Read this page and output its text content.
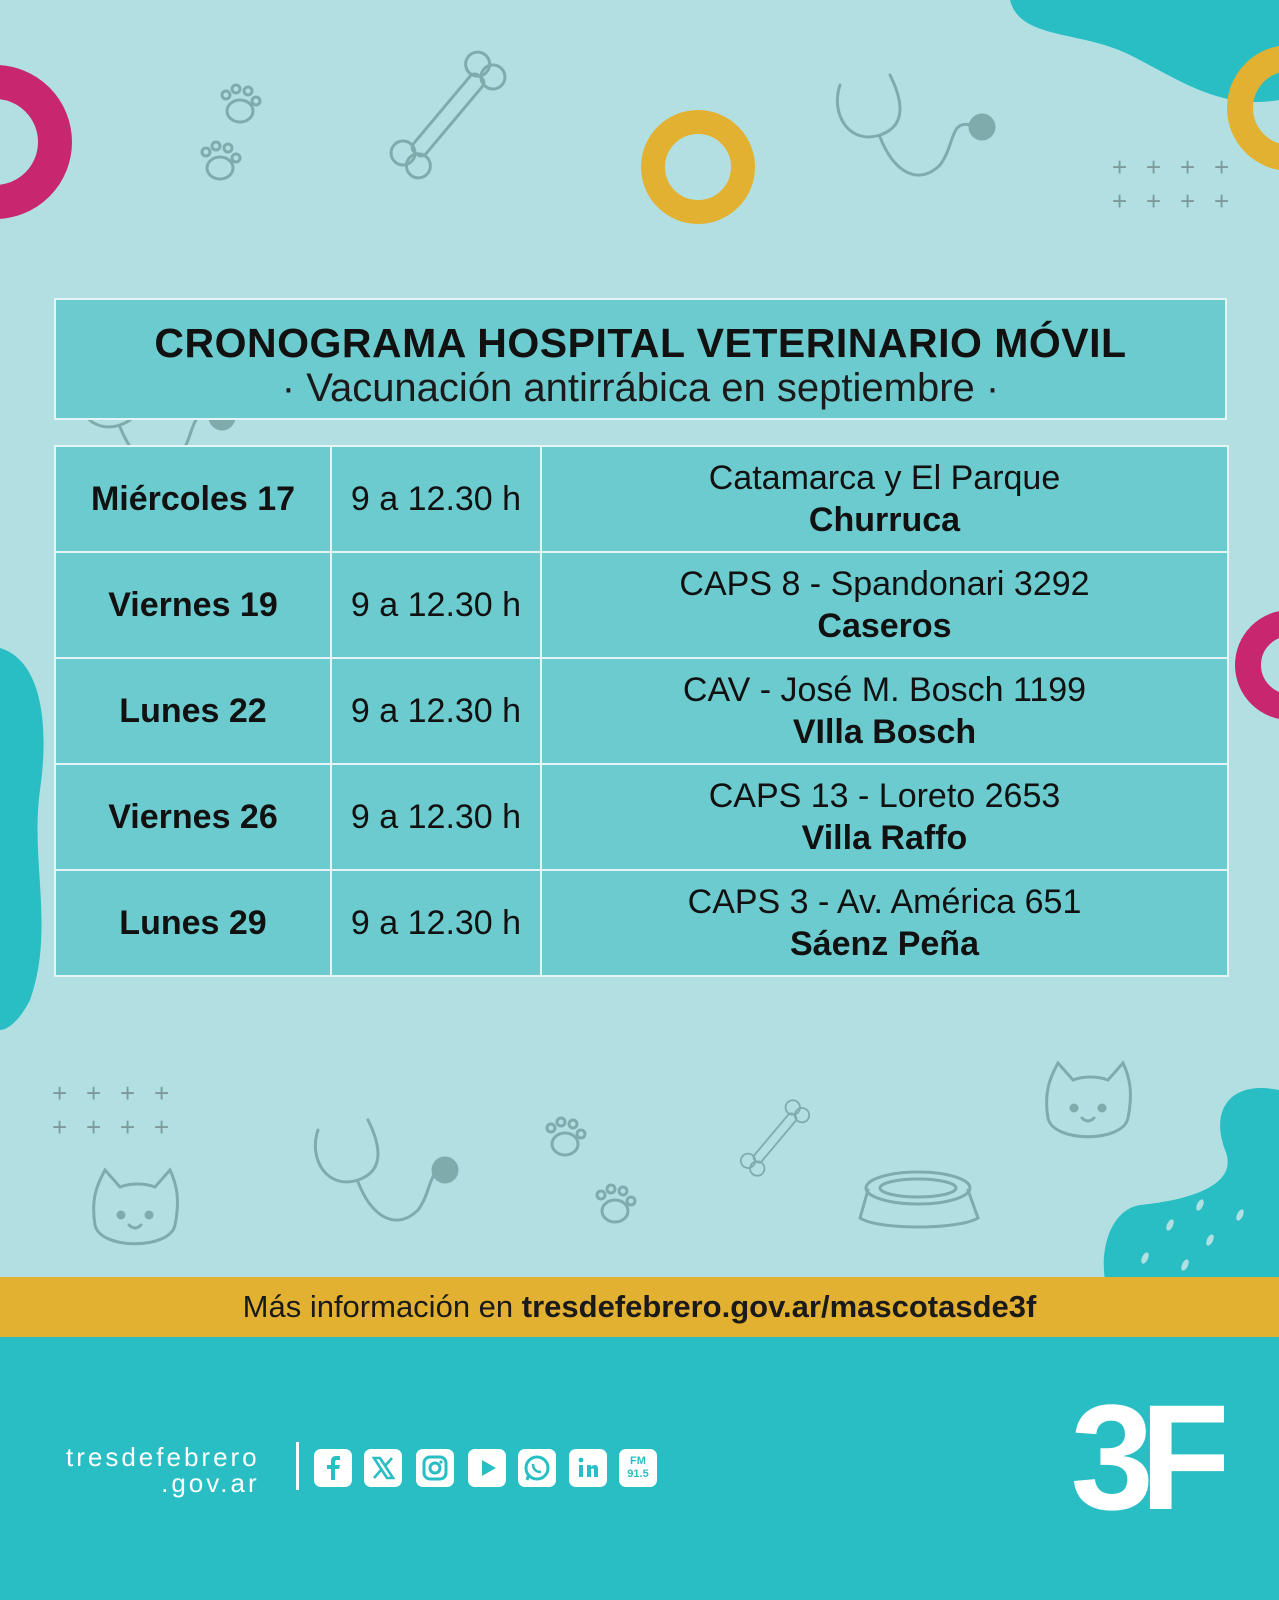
+ + + +
+ + + +
+ + + +
+ + + +
CRONOGRAMA HOSPITAL VETERINARIO MÓVIL
· Vacunación antirrábica en septiembre ·
Miércoles 17	9 a 12.30 h	Catamarca y El Parque
Churruca

Viernes 19	9 a 12.30 h	CAPS 8 - Spandonari 3292
Caseros

Lunes 22	9 a 12.30 h	CAV - José M. Bosch 1199
VIlla Bosch

Viernes 26	9 a 12.30 h	CAPS 13 - Loreto 2653
Villa Raffo

Lunes 29	9 a 12.30 h	CAPS 3 - Av. América 651
Sáenz Peña
Más información en tresdefebrero.gov.ar/mascotasde3f
tresdefebrero
.gov.ar
FM
91.5	3F
